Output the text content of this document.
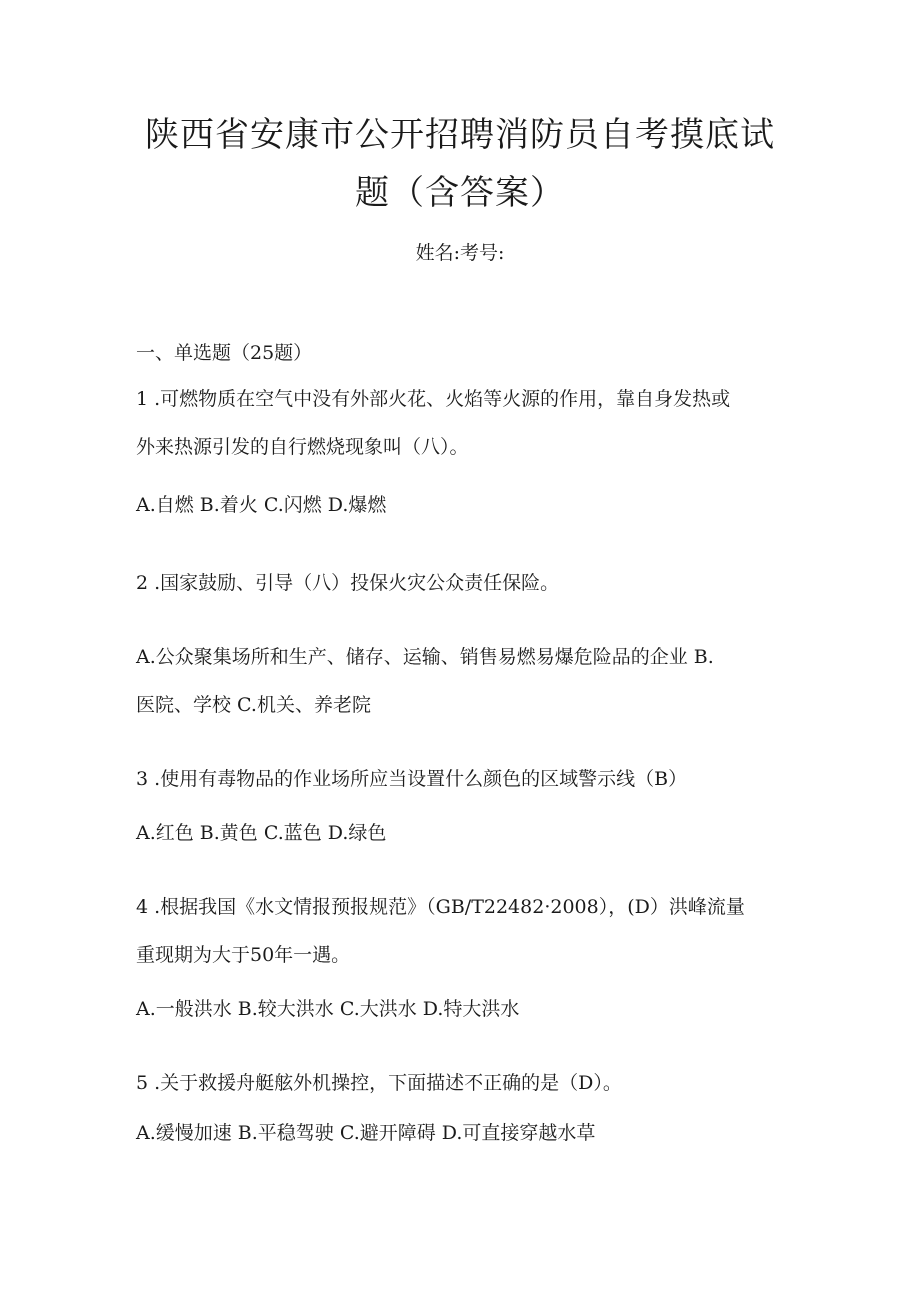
陕西省安康市公开招聘消防员自考摸底试
题（含答案）
姓名:考号:
一、单选题（25题）
1 .可燃物质在空气中没有外部火花、火焰等火源的作用，靠自身发热或
外来热源引发的自行燃烧现象叫（八）。
A.自燃 B.着火 C.闪燃 D.爆燃
2 .国家鼓励、引导（八）投保火灾公众责任保险。
A.公众聚集场所和生产、储存、运输、销售易燃易爆危险品的企业 B.
医院、学校 C.机关、养老院
3 .使用有毒物品的作业场所应当设置什么颜色的区域警示线（B）
A.红色 B.黄色 C.蓝色 D.绿色
4 .根据我国《水文情报预报规范》（GB/T22482·2008），(D）洪峰流量
重现期为大于50年一遇。
A.一般洪水 B.较大洪水 C.大洪水 D.特大洪水
5 .关于救援舟艇舷外机操控，下面描述不正确的是（D）。
A.缓慢加速 B.平稳驾驶 C.避开障碍 D.可直接穿越水草
